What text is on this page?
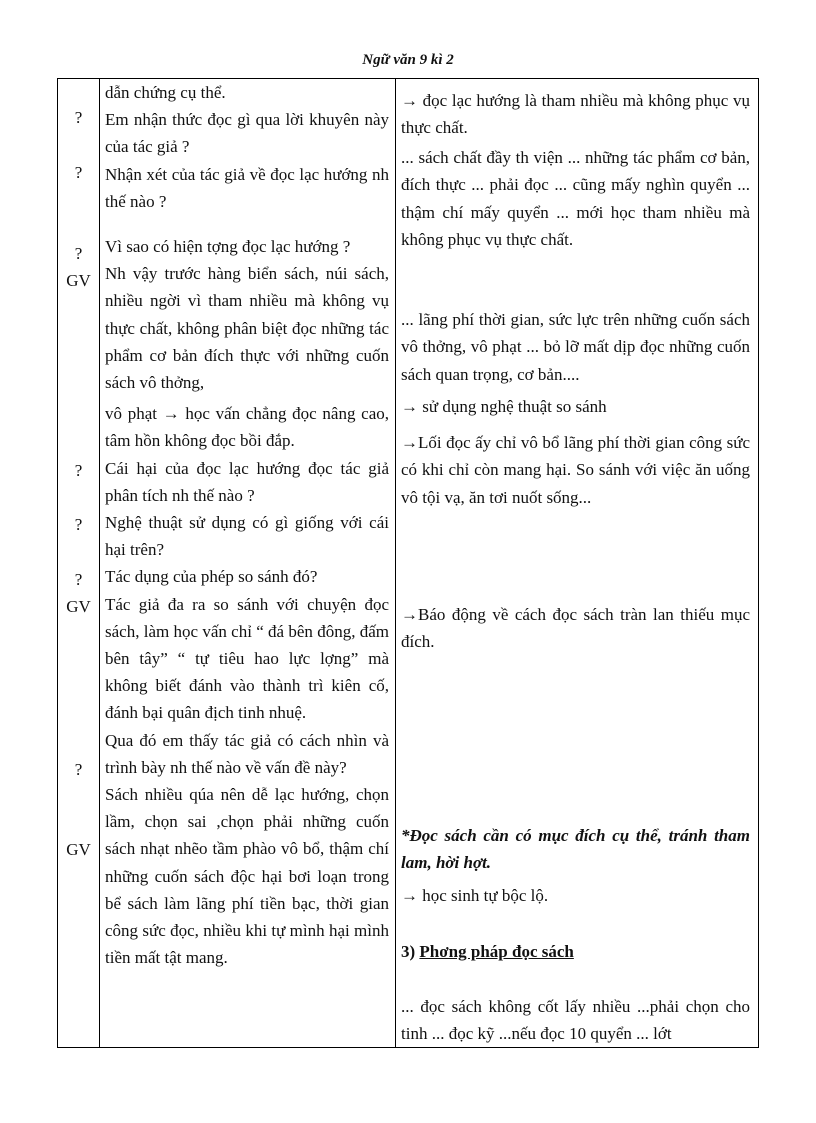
Ngữ văn 9 kì 2
?
?
?
GV
?
?
?
GV
?
GV

dẫn chứng cụ thể.

Em nhận thức đọc gì qua lời khuyên này của tác giả ?

Nhận xét của tác giả về đọc lạc hướng nh thế nào ?

Vì sao có hiện tợng đọc lạc hướng ?

Nh vậy trước hàng biển sách, núi sách, nhiều ngời vì tham nhiều mà không vụ thực chất, không phân biệt đọc những tác phẩm cơ bản đích thực với những cuốn sách vô thởng,

vô phạt → học vấn chẳng đọc nâng cao, tâm hồn không đọc bồi đắp.

Cái hại của đọc lạc hướng đọc tác giả phân tích nh thế nào ?

Nghệ thuật sử dụng có gì giống với cái hại trên?

Tác dụng của phép so sánh đó?

Tác giả đa ra so sánh với chuyện đọc sách, làm học vấn chỉ “ đá bên đông, đấm bên tây” “ tự tiêu hao lực lợng” mà không biết đánh vào thành trì kiên cố, đánh bại quân địch tinh nhuệ.

Qua đó em thấy tác giả có cách nhìn và trình bày nh thế nào về vấn đề này?

Sách nhiều qúa nên dễ lạc hướng, chọn lầm, chọn sai ,chọn phải những cuốn sách nhạt nhẽo tầm phào vô bổ, thậm chí những cuốn sách độc hại bơi loạn trong bể sách làm lãng phí tiền bạc, thời gian công sức đọc, nhiều khi tự mình hại mình tiền mất tật mang.

→ đọc lạc hướng là tham nhiều mà không phục vụ thực chất.

... sách chất đầy th viện ... những tác phẩm cơ bản, đích thực ... phải đọc ... cũng mấy nghìn quyển ... thậm chí mấy quyển ... mới học tham nhiều mà không phục vụ thực chất.

... lãng phí thời gian, sức lực trên những cuốn sách vô thởng, vô phạt ... bỏ lỡ mất dịp đọc những cuốn sách quan trọng, cơ bản....

→ sử dụng nghệ thuật so sánh

→Lối đọc ấy chỉ vô bổ lãng phí thời gian công sức có khi chỉ còn mang hại. So sánh với việc ăn uống vô tội vạ, ăn tơi nuốt sống...

→Báo động về cách đọc sách tràn lan thiếu mục đích.

*Đọc sách cần có mục đích cụ thể, tránh tham lam, hời hợt.

→ học sinh tự bộc lộ.

3) Phơng pháp đọc sách

... đọc sách không cốt lấy nhiều ...phải chọn cho tinh ... đọc kỹ ...nếu đọc 10 quyển ... lớt
